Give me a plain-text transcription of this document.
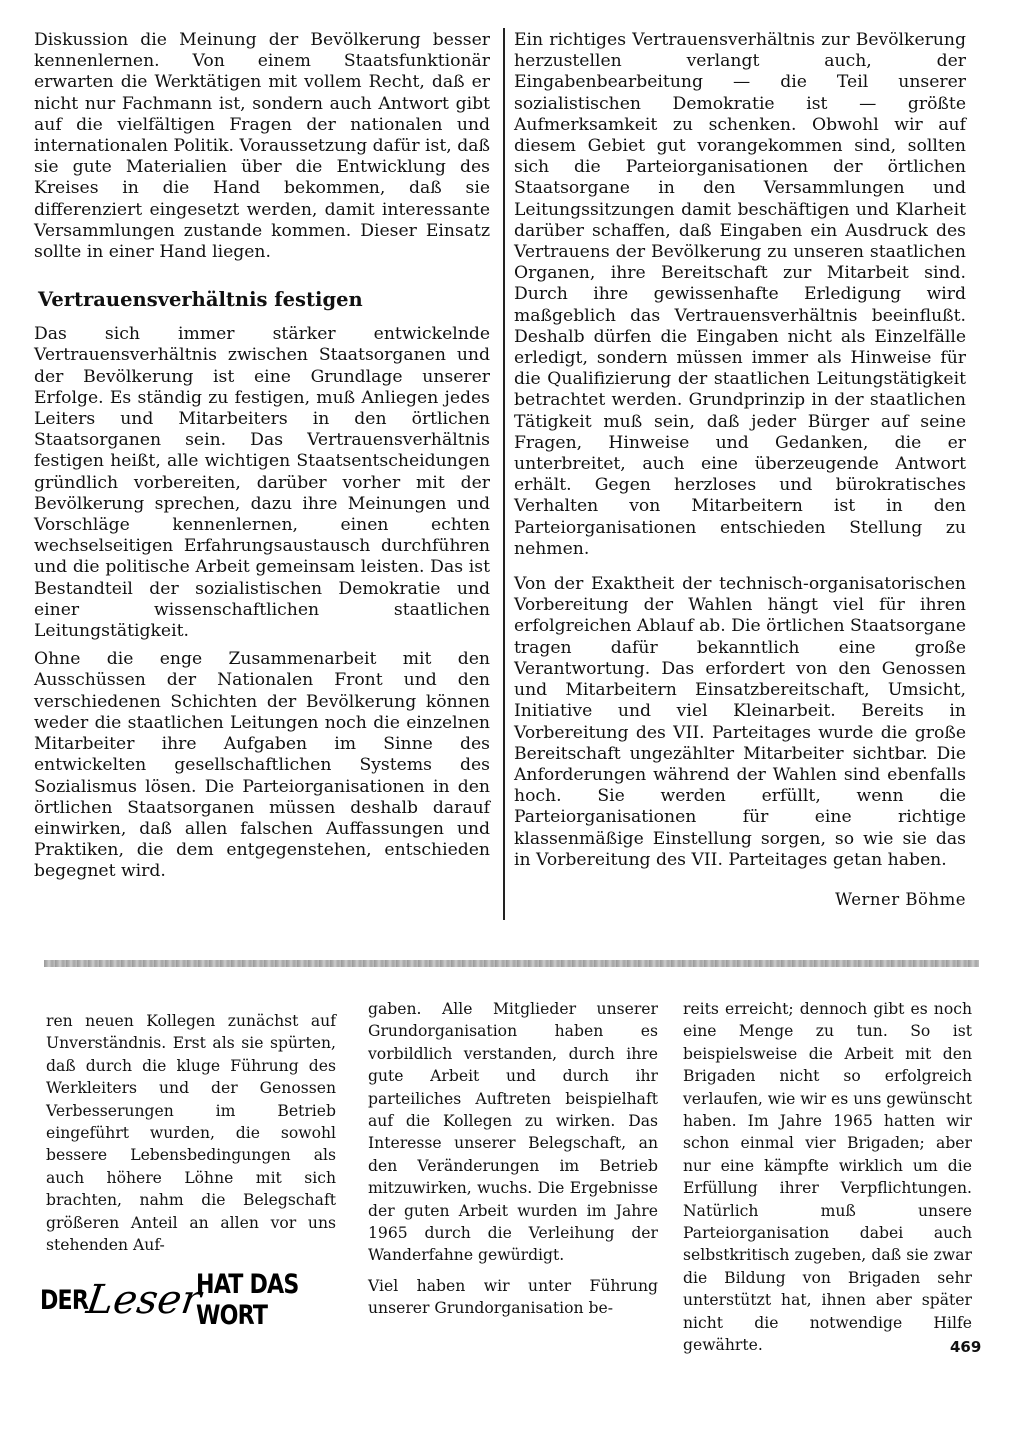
Diskussion die Meinung der Bevölkerung besser kennenlernen. Von einem Staatsfunktionär erwarten die Werktätigen mit vollem Recht, daß er nicht nur Fachmann ist, sondern auch Antwort gibt auf die vielfältigen Fragen der nationalen und internationalen Politik. Voraussetzung dafür ist, daß sie gute Materialien über die Entwicklung des Kreises in die Hand bekommen, daß sie differenziert eingesetzt werden, damit interessante Versammlungen zustande kommen. Dieser Einsatz sollte in einer Hand liegen.

Vertrauensverhältnis festigen

Das sich immer stärker entwickelnde Vertrauensverhältnis zwischen Staatsorganen und der Bevölkerung ist eine Grundlage unserer Erfolge. Es ständig zu festigen, muß Anliegen jedes Leiters und Mitarbeiters in den örtlichen Staatsorganen sein. Das Vertrauensverhältnis festigen heißt, alle wichtigen Staatsentscheidungen gründlich vorbereiten, darüber vorher mit der Bevölkerung sprechen, dazu ihre Meinungen und Vorschläge kennenlernen, einen echten wechselseitigen Erfahrungsaustausch durchführen und die politische Arbeit gemeinsam leisten. Das ist Bestandteil der sozialistischen Demokratie und einer wissenschaftlichen staatlichen Leitungstätigkeit.

Ohne die enge Zusammenarbeit mit den Ausschüssen der Nationalen Front und den verschiedenen Schichten der Bevölkerung können weder die staatlichen Leitungen noch die einzelnen Mitarbeiter ihre Aufgaben im Sinne des entwickelten gesellschaftlichen Systems des Sozialismus lösen. Die Parteiorganisationen in den örtlichen Staatsorganen müssen deshalb darauf einwirken, daß allen falschen Auffassungen und Praktiken, die dem entgegenstehen, entschieden begegnet wird.

Ein richtiges Vertrauensverhältnis zur Bevölkerung herzustellen verlangt auch, der Eingabenbearbeitung — die Teil unserer sozialistischen Demokratie ist — größte Aufmerksamkeit zu schenken. Obwohl wir auf diesem Gebiet gut vorangekommen sind, sollten sich die Parteiorganisationen der örtlichen Staatsorgane in den Versammlungen und Leitungssitzungen damit beschäftigen und Klarheit darüber schaffen, daß Eingaben ein Ausdruck des Vertrauens der Bevölkerung zu unseren staatlichen Organen, ihre Bereitschaft zur Mitarbeit sind. Durch ihre gewissenhafte Erledigung wird maßgeblich das Vertrauensverhältnis beeinflußt. Deshalb dürfen die Eingaben nicht als Einzelfälle erledigt, sondern müssen immer als Hinweise für die Qualifizierung der staatlichen Leitungstätigkeit betrachtet werden. Grundprinzip in der staatlichen Tätigkeit muß sein, daß jeder Bürger auf seine Fragen, Hinweise und Gedanken, die er unterbreitet, auch eine überzeugende Antwort erhält. Gegen herzloses und bürokratisches Verhalten von Mitarbeitern ist in den Parteiorganisationen entschieden Stellung zu nehmen.

Von der Exaktheit der technisch-organisatorischen Vorbereitung der Wahlen hängt viel für ihren erfolgreichen Ablauf ab. Die örtlichen Staatsorgane tragen dafür bekanntlich eine große Verantwortung. Das erfordert von den Genossen und Mitarbeitern Einsatzbereitschaft, Umsicht, Initiative und viel Kleinarbeit. Bereits in Vorbereitung des VII. Parteitages wurde die große Bereitschaft ungezählter Mitarbeiter sichtbar. Die Anforderungen während der Wahlen sind ebenfalls hoch. Sie werden erfüllt, wenn die Parteiorganisationen für eine richtige klassenmäßige Einstellung sorgen, so wie sie das in Vorbereitung des VII. Parteitages getan haben.

Werner Böhme

ren neuen Kollegen zunächst auf Unverständnis. Erst als sie spürten, daß durch die kluge Führung des Werkleiters und der Genossen Verbesserungen im Betrieb eingeführt wurden, die sowohl bessere Lebensbedingungen als auch höhere Löhne mit sich brachten, nahm die Belegschaft größeren Anteil an allen vor uns stehenden Auf-

gaben. Alle Mitglieder unserer Grundorganisation haben es vorbildlich verstanden, durch ihre gute Arbeit und durch ihr parteiliches Auftreten beispielhaft auf die Kollegen zu wirken. Das Interesse unserer Belegschaft, an den Veränderungen im Betrieb mitzuwirken, wuchs. Die Ergebnisse der guten Arbeit wurden im Jahre 1965 durch die Verleihung der Wanderfahne gewürdigt.

Viel haben wir unter Führung unserer Grundorganisation be-

reits erreicht; dennoch gibt es noch eine Menge zu tun. So ist beispielsweise die Arbeit mit den Brigaden nicht so erfolgreich verlaufen, wie wir es uns gewünscht haben. Im Jahre 1965 hatten wir schon einmal vier Brigaden; aber nur eine kämpfte wirklich um die Erfüllung ihrer Verpflichtungen. Natürlich muß unsere Parteiorganisation dabei auch selbstkritisch zugeben, daß sie zwar die Bildung von Brigaden sehr unterstützt hat, ihnen aber später nicht die notwendige Hilfe gewährte.

DER
Leser
HAT DAS WORT
469
